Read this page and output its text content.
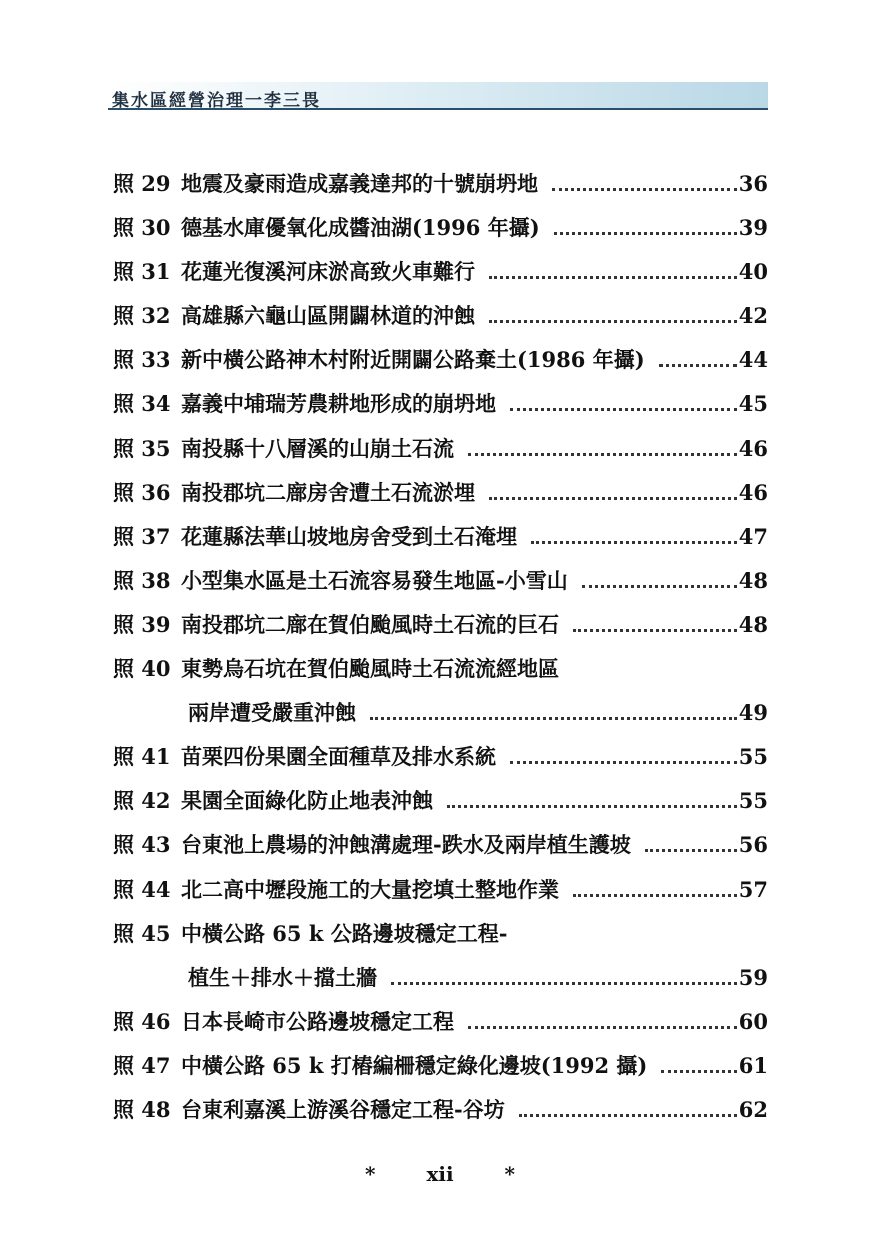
集水區經營治理一李三畏
照 29 地震及豪雨造成嘉義達邦的十號崩坍地	36
照 30 德基水庫優氧化成醬油湖(1996 年攝)	39
照 31 花蓮光復溪河床淤高致火車難行	40
照 32 高雄縣六龜山區開闢林道的沖蝕	42
照 33 新中橫公路神木村附近開闢公路棄土(1986 年攝)	44
照 34 嘉義中埔瑞芳農耕地形成的崩坍地	45
照 35 南投縣十八層溪的山崩土石流	46
照 36 南投郡坑二廍房舍遭土石流淤埋	46
照 37 花蓮縣法華山坡地房舍受到土石淹埋	47
照 38 小型集水區是土石流容易發生地區-小雪山	48
照 39 南投郡坑二廍在賀伯颱風時土石流的巨石	48
照 40 東勢烏石坑在賀伯颱風時土石流流經地區
兩岸遭受嚴重沖蝕	49
照 41 苗栗四份果園全面種草及排水系統	55
照 42 果園全面綠化防止地表沖蝕	55
照 43 台東池上農場的沖蝕溝處理-跌水及兩岸植生護坡	56
照 44 北二高中壢段施工的大量挖填土整地作業	57
照 45 中橫公路 65 k 公路邊坡穩定工程-
植生＋排水＋擋土牆	59
照 46 日本長崎市公路邊坡穩定工程	60
照 47 中橫公路 65 k 打樁編柵穩定綠化邊坡(1992 攝)	61
照 48 台東利嘉溪上游溪谷穩定工程-谷坊	62
*	xii	*
